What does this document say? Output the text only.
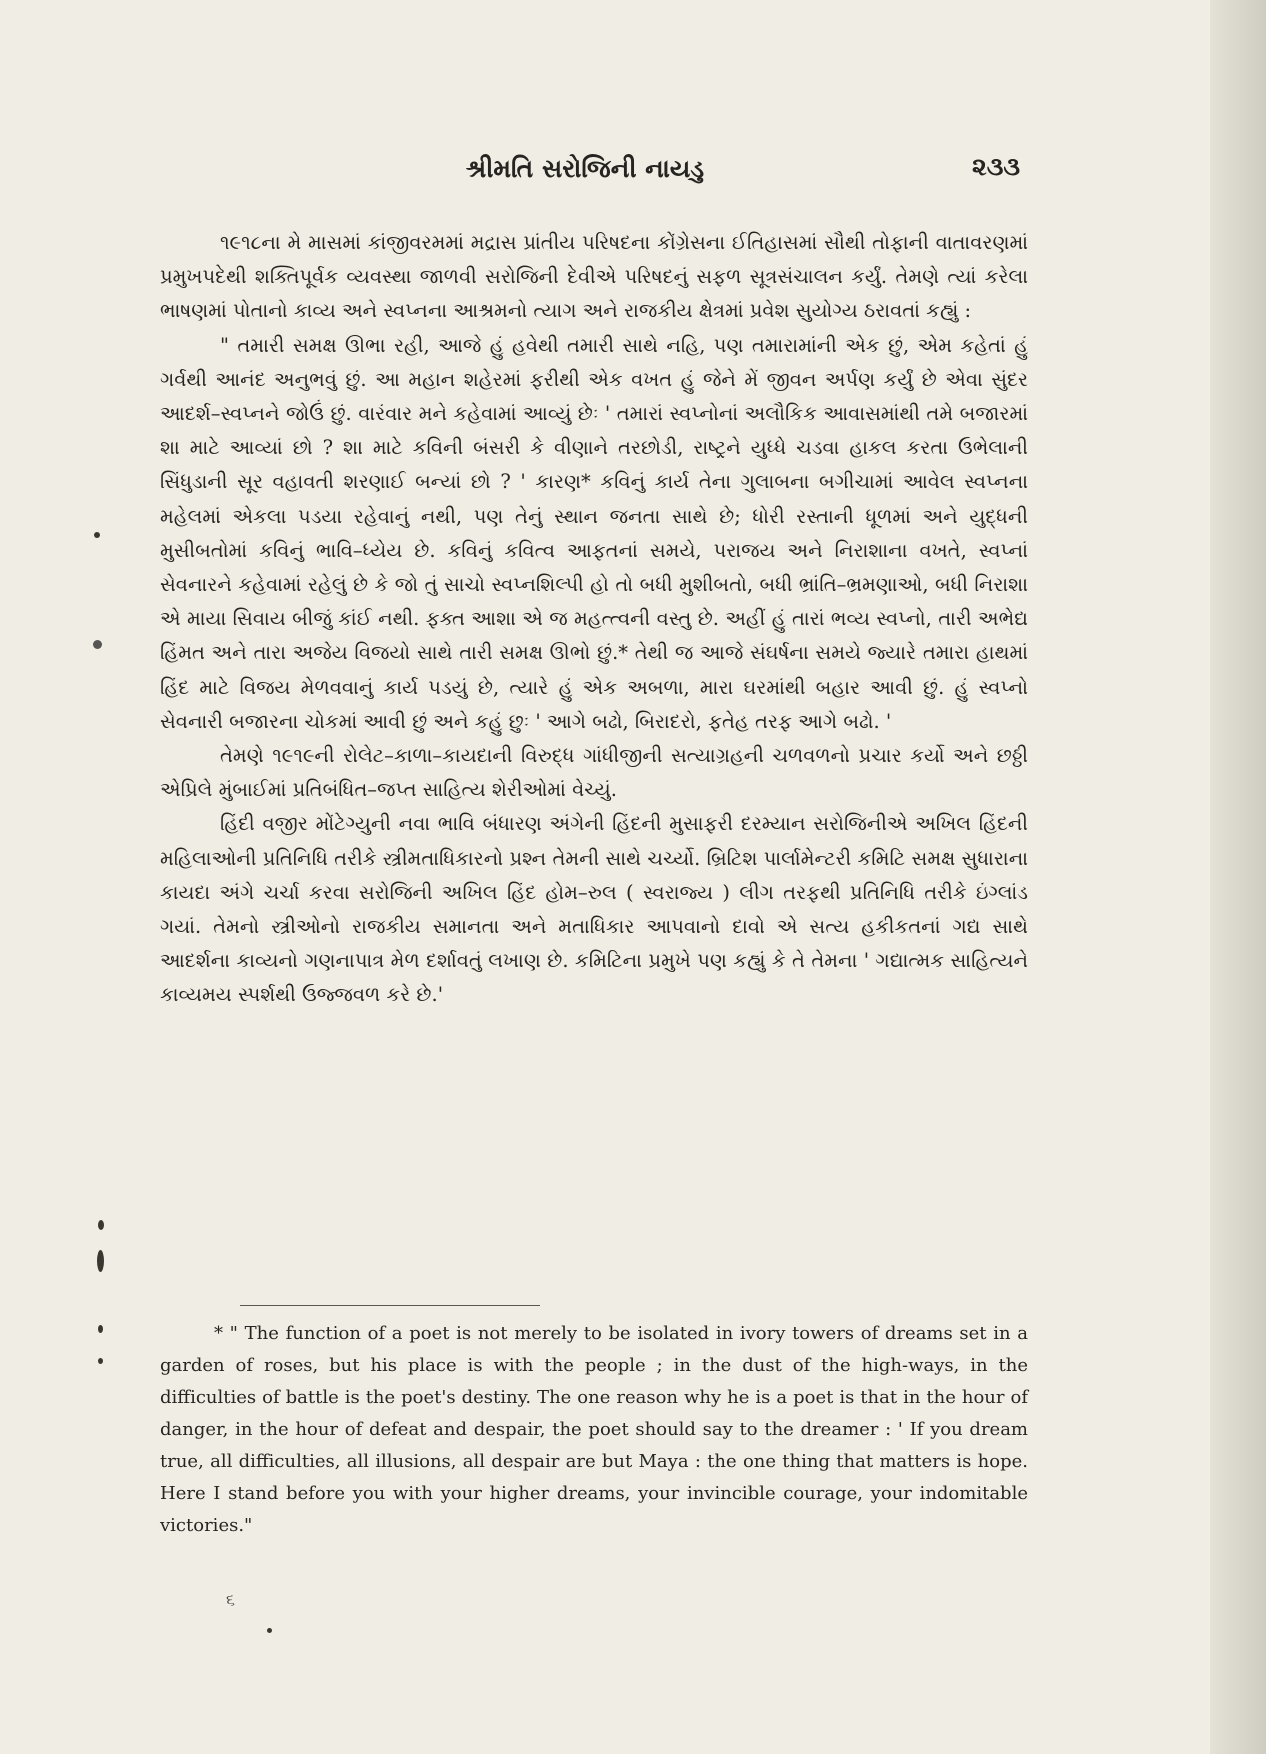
શ્રીમતિ સરોજિની નાયડુ	૨૩૩

૧૯૧૮ના મે માસમાં કાંજીવરમમાં મદ્રાસ પ્રાંતીય પરિષદના કોંગ્રેસના ઈતિહાસમાં સૌથી તોફાની વાતાવરણમાં પ્રમુખપદેથી શક્તિપૂર્વક વ્યવસ્થા જાળવી સરોજિની દેવીએ પરિષદનું સફળ સૂત્રસંચાલન કર્યું. તેમણે ત્યાં કરેલા ભાષણમાં પોતાનો કાવ્ય અને સ્વપ્નના આશ્રમનો ત્યાગ અને રાજકીય ક્ષેત્રમાં પ્રવેશ સુયોગ્ય ઠરાવતાં કહ્યું :

" તમારી સમક્ષ ઊભા રહી, આજે હું હવેથી તમારી સાથે નહિ, પણ તમારામાંની એક છું, એમ કહેતાં હું ગર્વથી આનંદ અનુભવું છું. આ મહાન શહેરમાં ફરીથી એક વખત હું જેને મેં જીવન અર્પણ કર્યું છે એવા સુંદર આદર્શ–સ્વપ્નને જોઉં છું. વારંવાર મને કહેવામાં આવ્યું છેઃ ' તમારાં સ્વપ્નોનાં અલૌકિક આવાસમાંથી તમે બજારમાં શા માટે આવ્યાં છો ? શા માટે કવિની બંસરી કે વીણાને તરછોડી, રાષ્ટ્રને યુધ્ધે ચડવા હાકલ કરતા ઉભેલાની સિંધુડાની સૂર વહાવતી શરણાઈ બન્યાં છો ? ' કારણ* કવિનું કાર્ય તેના ગુલાબના બગીચામાં આવેલ સ્વપ્નના મહેલમાં એકલા પડયા રહેવાનું નથી, પણ તેનું સ્થાન જનતા સાથે છે; ધોરી રસ્તાની ધૂળમાં અને યુદ્ધની મુસીબતોમાં કવિનું ભાવિ–ધ્યેય છે. કવિનું કવિત્વ આફતનાં સમયે, પરાજય અને નિરાશાના વખતે, સ્વપ્નાં સેવનારને કહેવામાં રહેલું છે કે જો તું સાચો સ્વપ્નશિલ્પી હો તો બધી મુશીબતો, બધી ભ્રાંતિ–ભ્રમણાઓ, બધી નિરાશા એ માયા સિવાય બીજું કાંઈ નથી. ફક્ત આશા એ જ મહત્ત્વની વસ્તુ છે. અહીં હું તારાં ભવ્ય સ્વપ્નો, તારી અભેદ્ય હિંમત અને તારા અજેય વિજયો સાથે તારી સમક્ષ ઊભો છું.* તેથી જ આજે સંઘર્ષના સમયે જ્યારે તમારા હાથમાં હિંદ માટે વિજય મેળવવાનું કાર્ય પડયું છે, ત્યારે હું એક અબળા, મારા ઘરમાંથી બહાર આવી છું. હું સ્વપ્નો સેવનારી બજારના ચોકમાં આવી છું અને કહું છુઃ ' આગે બઢો, બિરાદરો, ફતેહ તરફ આગે બઢો. '

તેમણે ૧૯૧૯ની રોલેટ–કાળા–કાયદાની વિરુદ્ધ ગાંધીજીની સત્યાગ્રહની ચળવળનો પ્રચાર કર્યો અને છઠ્ઠી એપ્રિલે મુંબાઈમાં પ્રતિબંધિત–જપ્ત સાહિત્ય શેરીઓમાં વેચ્યું.

હિંદી વજીર મોંટેગ્યુની નવા ભાવિ બંધારણ અંગેની હિંદની મુસાફરી દરમ્યાન સરોજિનીએ અખિલ હિંદની મહિલાઓની પ્રતિનિધિ તરીકે સ્ત્રીમતાધિકારનો પ્રશ્ન તેમની સાથે ચર્ચ્યો. બ્રિટિશ પાર્લામેન્ટરી કમિટિ સમક્ષ સુધારાના કાયદા અંગે ચર્ચા કરવા સરોજિની અખિલ હિંદ હોમ–રુલ ( સ્વરાજ્ય ) લીગ તરફથી પ્રતિનિધિ તરીકે ઇંગ્લાંડ ગયાં. તેમનો સ્ત્રીઓનો રાજકીય સમાનતા અને મતાધિકાર આપવાનો દાવો એ સત્ય હકીકતનાં ગદ્ય સાથે આદર્શના કાવ્યનો ગણનાપાત્ર મેળ દર્શાવતું લખાણ છે. કમિટિના પ્રમુખે પણ કહ્યું કે તે તેમના ' ગદ્યાત્મક સાહિત્યને કાવ્યમય સ્પર્શથી ઉજ્જવળ કરે છે.'

* " The function of a poet is not merely to be isolated in ivory towers of dreams set in a garden of roses, but his place is with the people ; in the dust of the high-ways, in the difficulties of battle is the poet's destiny. The one reason why he is a poet is that in the hour of danger, in the hour of defeat and despair, the poet should say to the dreamer : ' If you dream true, all difficulties, all illusions, all despair are but Maya : the one thing that matters is hope. Here I stand before you with your higher dreams, your invincible courage, your indomitable victories."

૬
